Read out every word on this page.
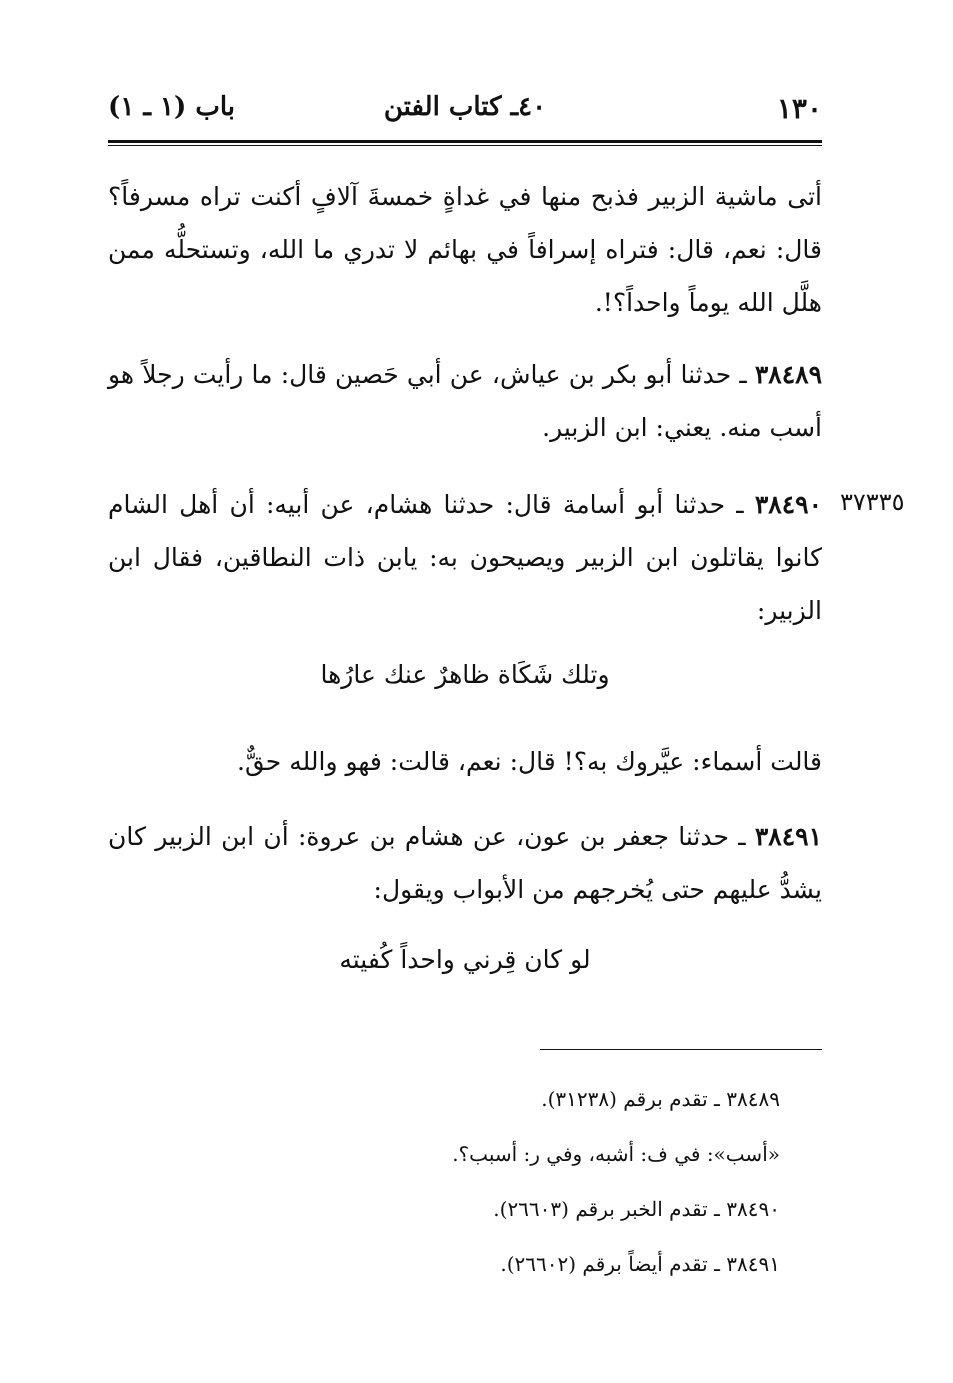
١٣٠
٤٠ـ كتاب الفتن
باب (١ ـ ١)

أتى ماشية الزبير فذبح منها في غداةٍ خمسةَ آلافٍ أكنت تراه مسرفاً؟ قال: نعم، قال: فتراه إسرافاً في بهائم لا تدري ما الله، وتستحلُّه ممن هلَّل الله يوماً واحداً؟!.

٣٨٤٨٩ ـ حدثنا أبو بكر بن عياش، عن أبي حَصين قال: ما رأيت رجلاً هو أسب منه. يعني: ابن الزبير.

٣٧٣٣٥

٣٨٤٩٠ ـ حدثنا أبو أسامة قال: حدثنا هشام، عن أبيه: أن أهل الشام كانوا يقاتلون ابن الزبير ويصيحون به: يابن ذات النطاقين، فقال ابن الزبير:

وتلك شَكَاة ظاهرٌ عنك عارُها

قالت أسماء: عيَّروك به؟! قال: نعم، قالت: فهو والله حقٌّ.

٣٨٤٩١ ـ حدثنا جعفر بن عون، عن هشام بن عروة: أن ابن الزبير كان يشدُّ عليهم حتى يُخرجهم من الأبواب ويقول:

لو كان قِرني واحداً كُفيته

٣٨٤٨٩ ـ تقدم برقم (٣١٢٣٨).

«أسب»: في ف: أشبه، وفي ر: أسبب؟.

٣٨٤٩٠ ـ تقدم الخبر برقم (٢٦٦٠٣).

٣٨٤٩١ ـ تقدم أيضاً برقم (٢٦٦٠٢).
